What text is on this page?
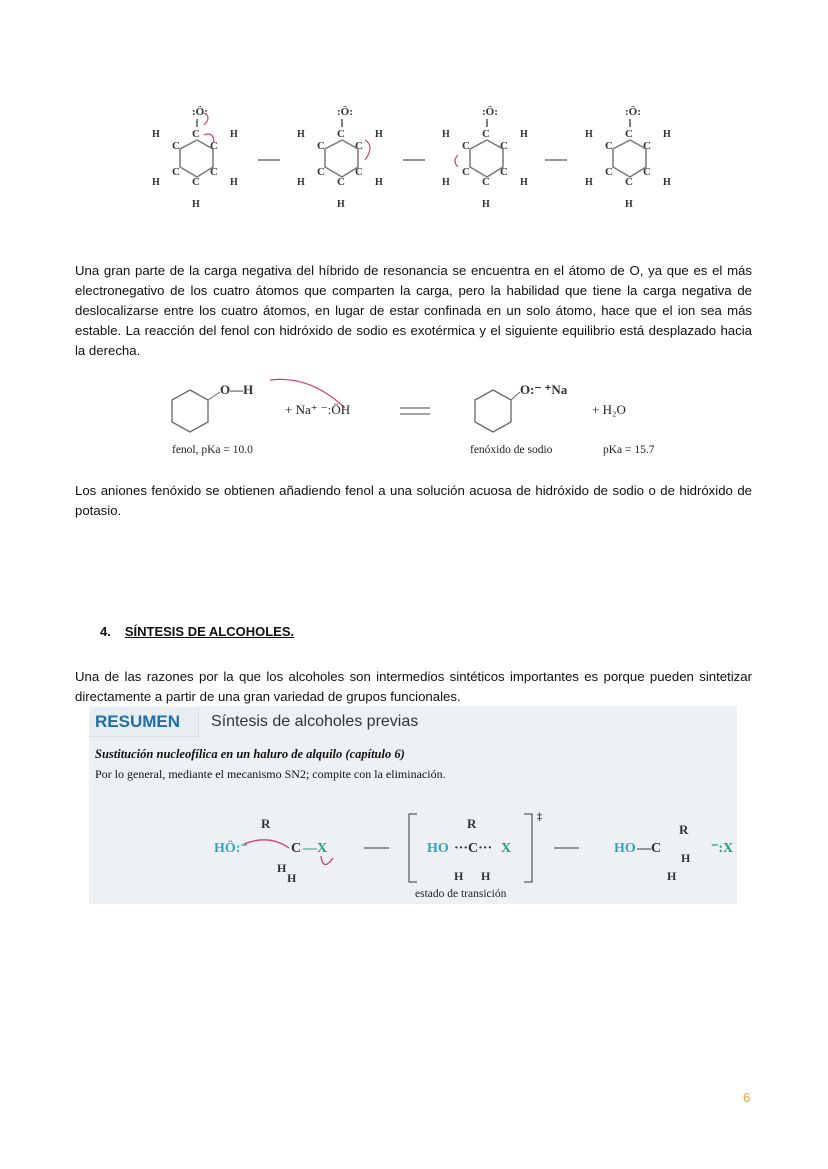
:Ö:
C
C
C
C
C
C
H	H
H
H
H

Una gran parte de la carga negativa del híbrido de resonancia se encuentra en el átomo de O, ya que es el más electronegativo de los cuatro átomos que comparten la carga, pero la habilidad que tiene la carga negativa de deslocalizarse entre los cuatro átomos, en lugar de estar confinada en un solo átomo, hace que el ion sea más estable. La reacción del fenol con hidróxido de sodio es exotérmica y el siguiente equilibrio está desplazado hacia la derecha.

O—H	O:⁻ ⁺Na
+ Na⁺ ⁻:ÖH	+ H₂O
fenol, pKa = 10.0	fenóxido de sodio	pKa = 15.7

Los aniones fenóxido se obtienen añadiendo fenol a una solución acuosa de hidróxido de sodio o de hidróxido de potasio.

4. SÍNTESIS DE ALCOHOLES.

Una de las razones por la que los alcoholes son intermedios sintéticos importantes es porque pueden sintetizar directamente a partir de una gran variedad de grupos funcionales.

RESUMEN	Síntesis de alcoholes previas
Sustitución nucleofílica en un haluro de alquilo (capítulo 6)
Por lo general, mediante el mecanismo SN2; compite con la eliminación.
HÖ:⁻
R
C —X
H
H
‡
HO ···C··· X
R
H H
HO —C
R
H
H
⁻:X
estado de transición
6
